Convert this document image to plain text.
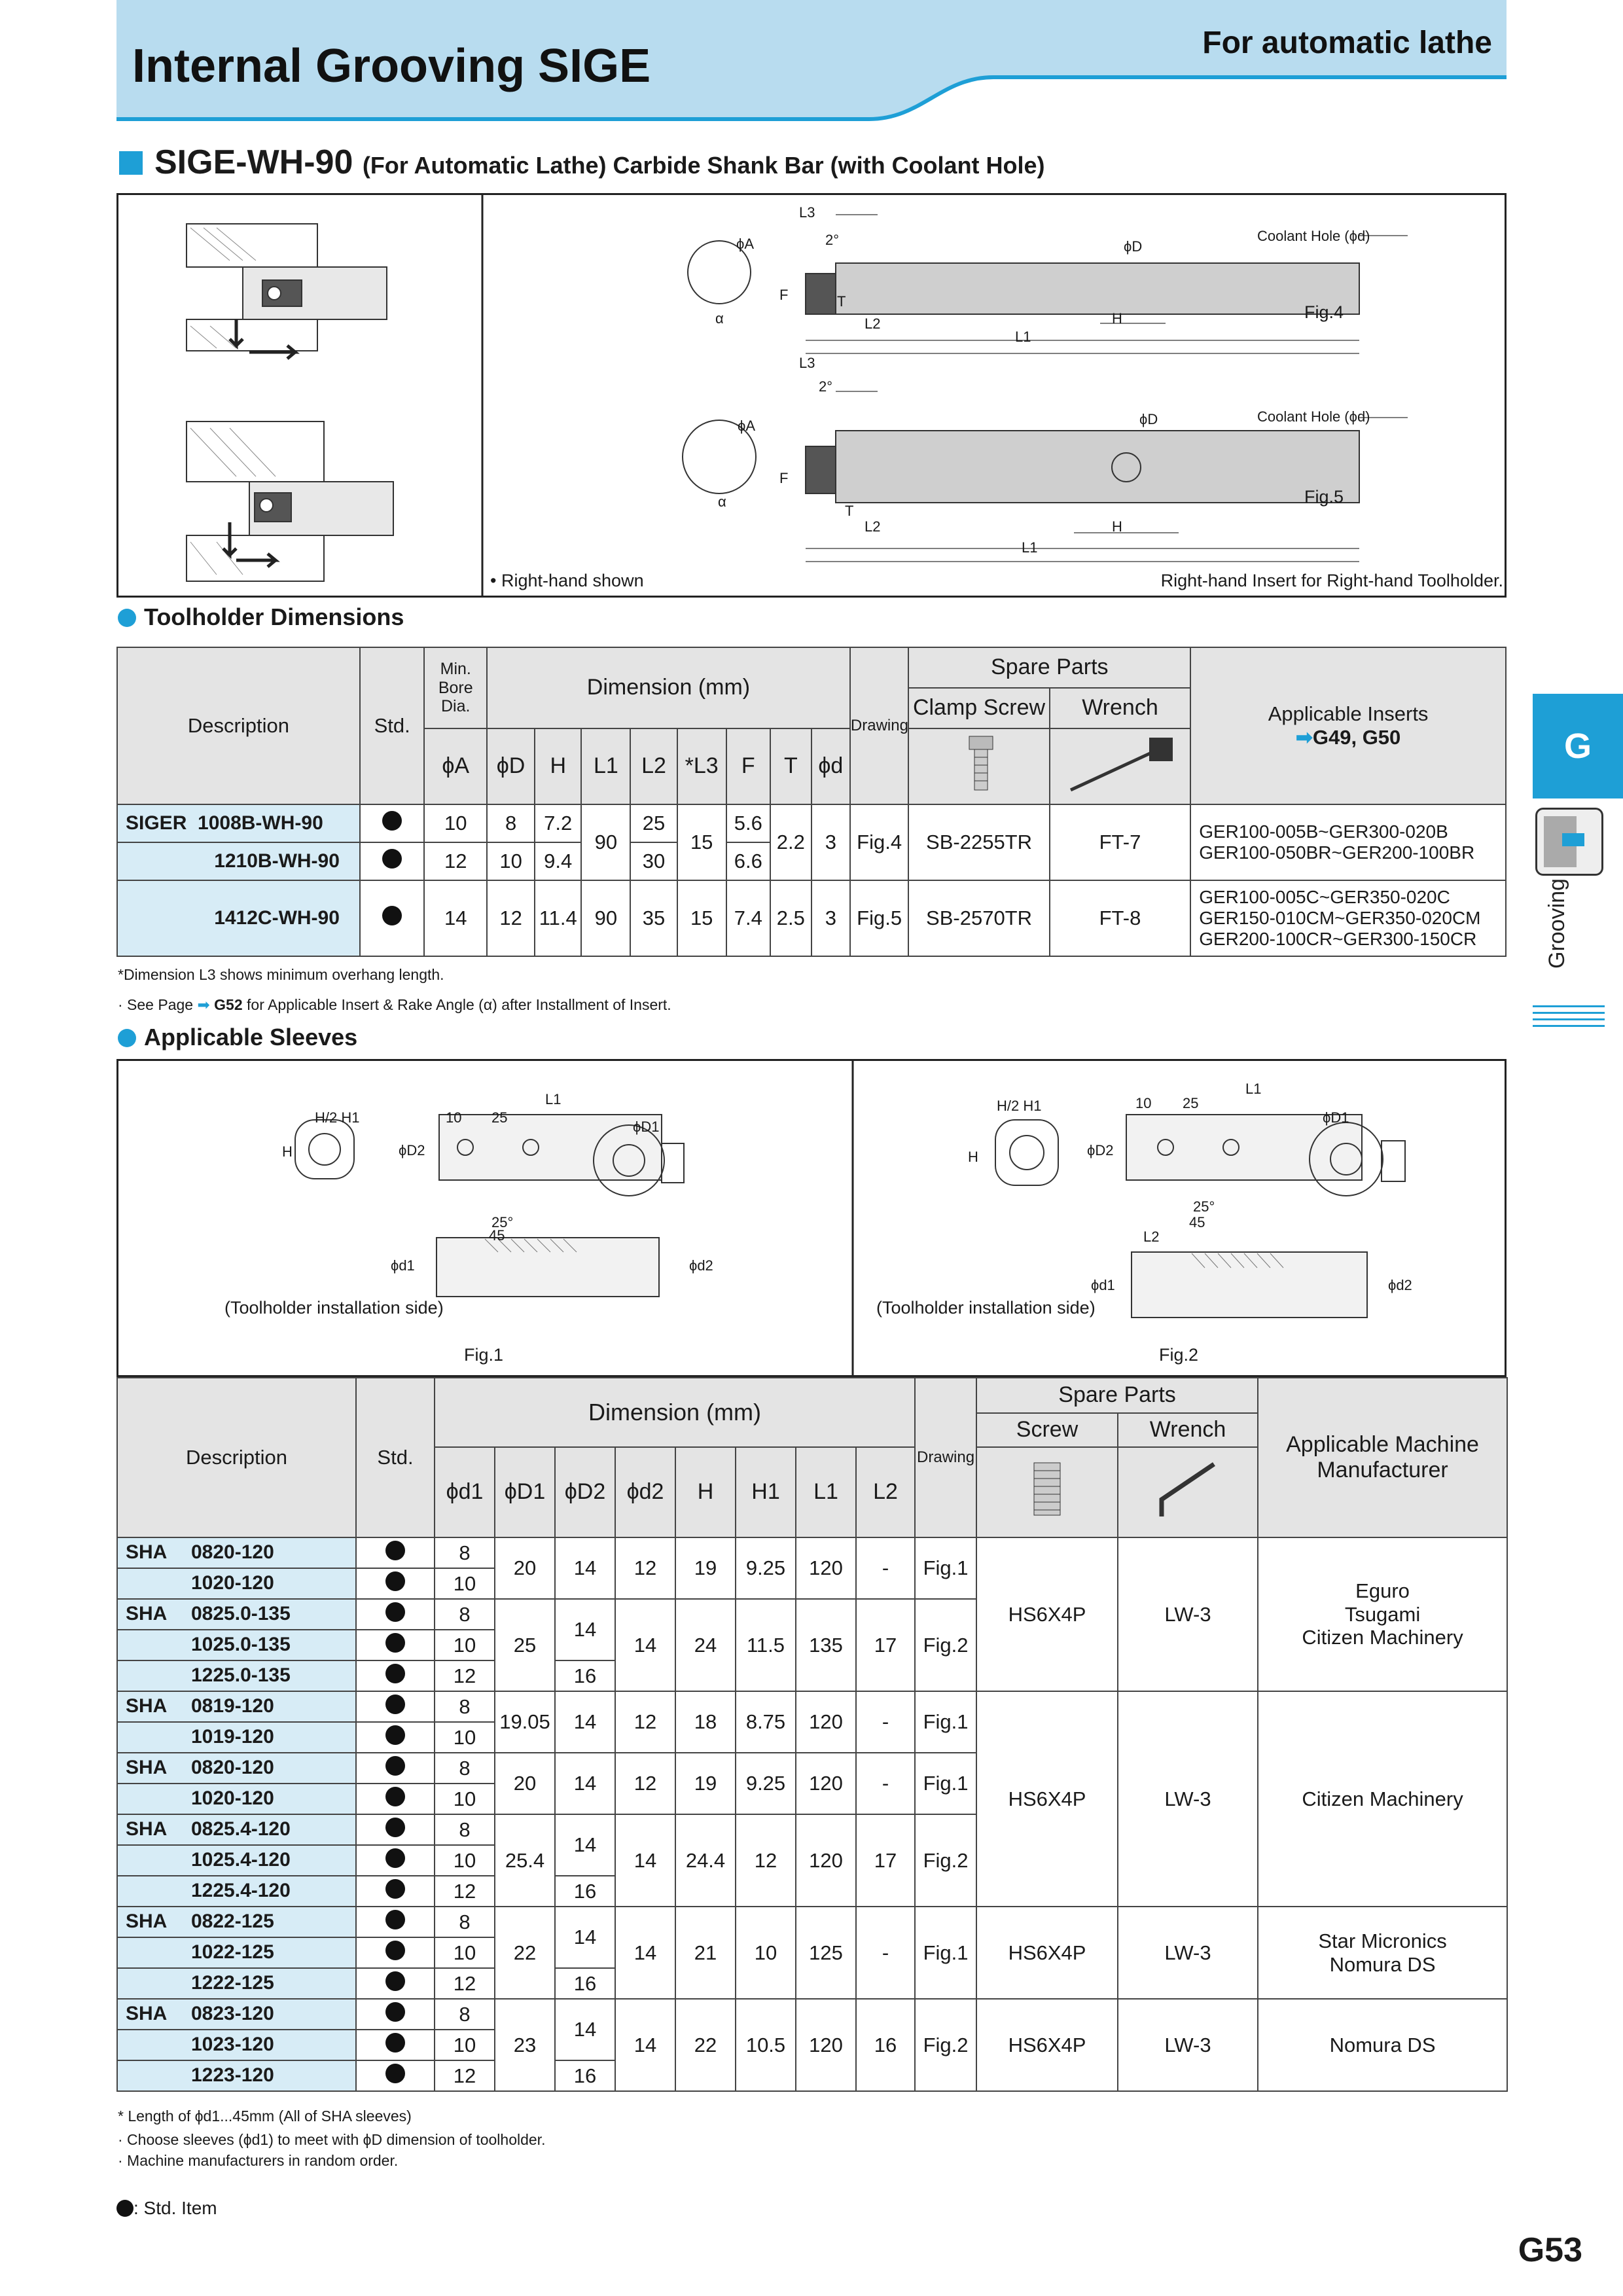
Internal Grooving SIGE	For automatic lathe
SIGE-WH-90 (For Automatic Lathe) Carbide Shank Bar (with Coolant Hole)
L3
L2
L1
H
ϕD
ϕA
F
2°
α
T
Coolant Hole (ϕd)
Fig.4
L3
L2
L1
H
ϕD
ϕA
F
2°
α
T
Coolant Hole (ϕd)
Fig.5
• Right-hand shown	Right-hand Insert for Right-hand Toolholder.
Toolholder Dimensions
Description	Std.	Min. Bore Dia.	Dimension (mm)								Drawing	Spare Parts		Applicable Inserts
➡G49, G50

												Clamp Screw	Wrench	
		ϕA	ϕD	H	L1	L2	*L3	F	T	ϕd		
SIGER 1008B-WH-90		10	8	7.2	90	25	15	5.6	2.2	3	Fig.4	SB-2255TR	FT-7	GER100-005B~GER300-020B
GER100-050BR~GER200-100BR

1210B-WH-90		12	10	9.4		30		6.6						
1412C-WH-90		14	12	11.4	90	35	15	7.4	2.5	3	Fig.5	SB-2570TR	FT-8	GER100-005C~GER350-020C
GER150-010CM~GER350-020CM
GER200-100CR~GER300-150CR
*Dimension L3 shows minimum overhang length.
· See Page ➡ G52 for Applicable Insert & Rake Angle (α) after Installment of Insert.
Applicable Sleeves
H/2 H1
L1
10 25
25°
45
ϕD1
ϕD2
ϕd1	ϕd2
H
(Toolholder installation side)
Fig.1
H/2 H1
L1
10 25
25°
45
L2
ϕD1
ϕD2
ϕd1	ϕd2
H
(Toolholder installation side)
Fig.2
Description	Std.	Dimension (mm)								Drawing	Spare Parts		Applicable Machine Manufacturer
											Screw	Wrench	
		ϕd1	ϕD1	ϕD2	ϕd2	H	H1	L1	L2		
SHA 0820-120		8	20	14	12	19	9.25	120	-	Fig.1	HS6X4P	LW-3	Eguro
Tsugami
Citizen Machinery

1020-120		10											
SHA 0825.0-135		8	25	14	14	24	11.5	135	17	Fig.2			
1025.0-135		10											
1225.0-135		12		16									
SHA 0819-120		8	19.05	14	12	18	8.75	120	-	Fig.1	HS6X4P	LW-3	Citizen Machinery

1019-120		10											
SHA 0820-120		8	20	14	12	19	9.25	120	-	Fig.1			
1020-120		10											
SHA 0825.4-120		8	25.4	14	14	24.4	12	120	17	Fig.2			
1025.4-120		10											
1225.4-120		12		16									
SHA 0822-125		8	22	14	14	21	10	125	-	Fig.1	HS6X4P	LW-3	Star Micronics
Nomura DS

1022-125		10											
1222-125		12		16									
SHA 0823-120		8	23	14	14	22	10.5	120	16	Fig.2	HS6X4P	LW-3	Nomura DS

1023-120		10											
1223-120		12		16									
* Length of ϕd1...45mm (All of SHA sleeves)
· Choose sleeves (ϕd1) to meet with ϕD dimension of toolholder.
· Machine manufacturers in random order.
: Std. Item
G
Grooving
G53
